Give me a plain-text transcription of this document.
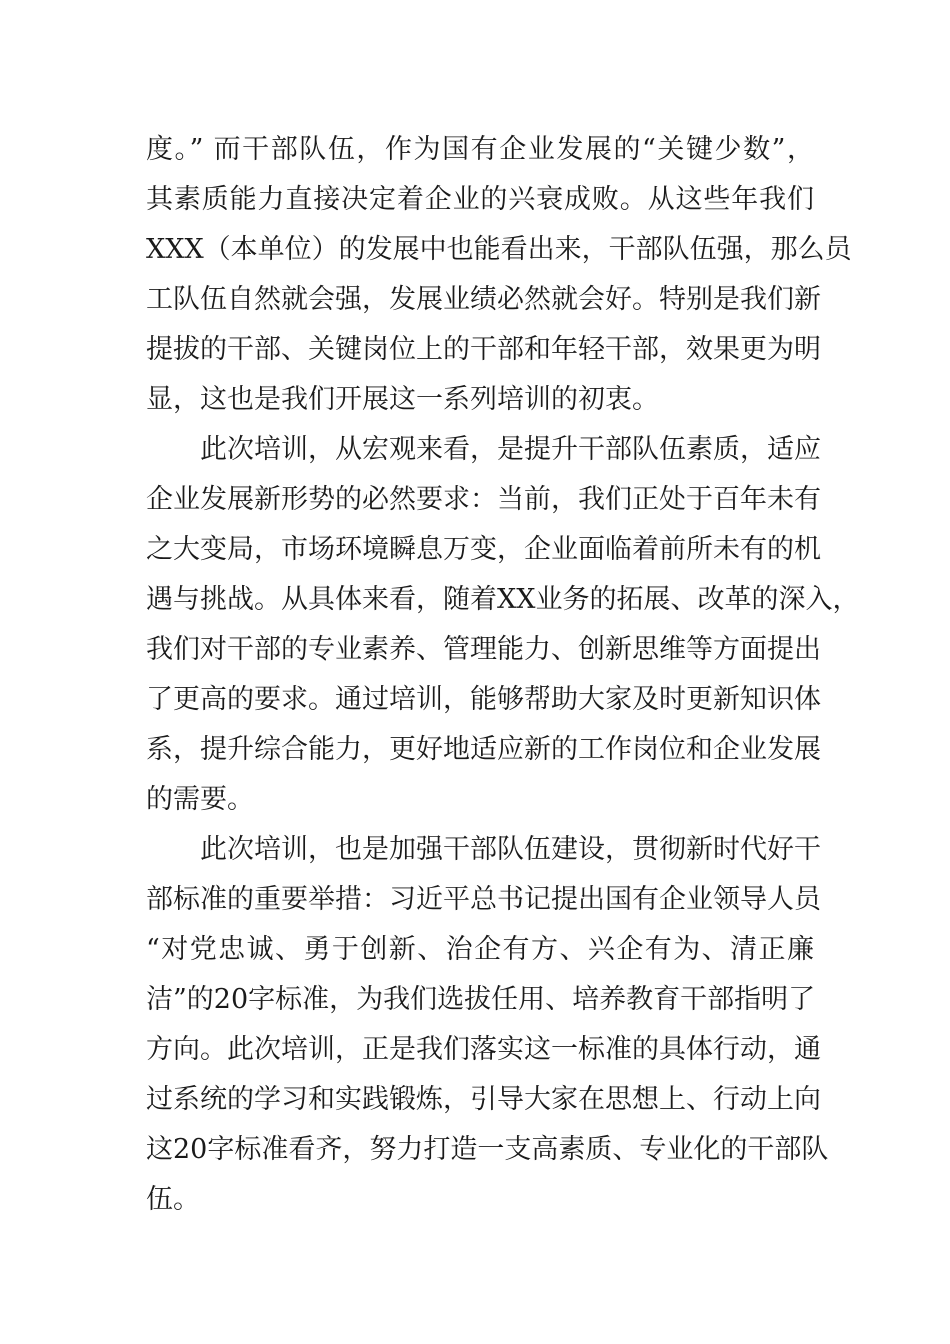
度。” 而干部队伍，作为国有企业发展的“关键少数”，
其素质能力直接决定着企业的兴衰成败。从这些年我们
XXX（本单位）的发展中也能看出来，干部队伍强，那么员
工队伍自然就会强，发展业绩必然就会好。特别是我们新
提拔的干部、关键岗位上的干部和年轻干部，效果更为明
显，这也是我们开展这一系列培训的初衷。
此次培训，从宏观来看，是提升干部队伍素质，适应
企业发展新形势的必然要求：当前，我们正处于百年未有
之大变局，市场环境瞬息万变，企业面临着前所未有的机
遇与挑战。从具体来看，随着XX业务的拓展、改革的深入，
我们对干部的专业素养、管理能力、创新思维等方面提出
了更高的要求。通过培训，能够帮助大家及时更新知识体
系，提升综合能力，更好地适应新的工作岗位和企业发展
的需要。
此次培训，也是加强干部队伍建设，贯彻新时代好干
部标准的重要举措：习近平总书记提出国有企业领导人员
“对党忠诚、勇于创新、治企有方、兴企有为、清正廉
洁”的20字标准，为我们选拔任用、培养教育干部指明了
方向。此次培训，正是我们落实这一标准的具体行动，通
过系统的学习和实践锻炼，引导大家在思想上、行动上向
这20字标准看齐，努力打造一支高素质、专业化的干部队
伍。
